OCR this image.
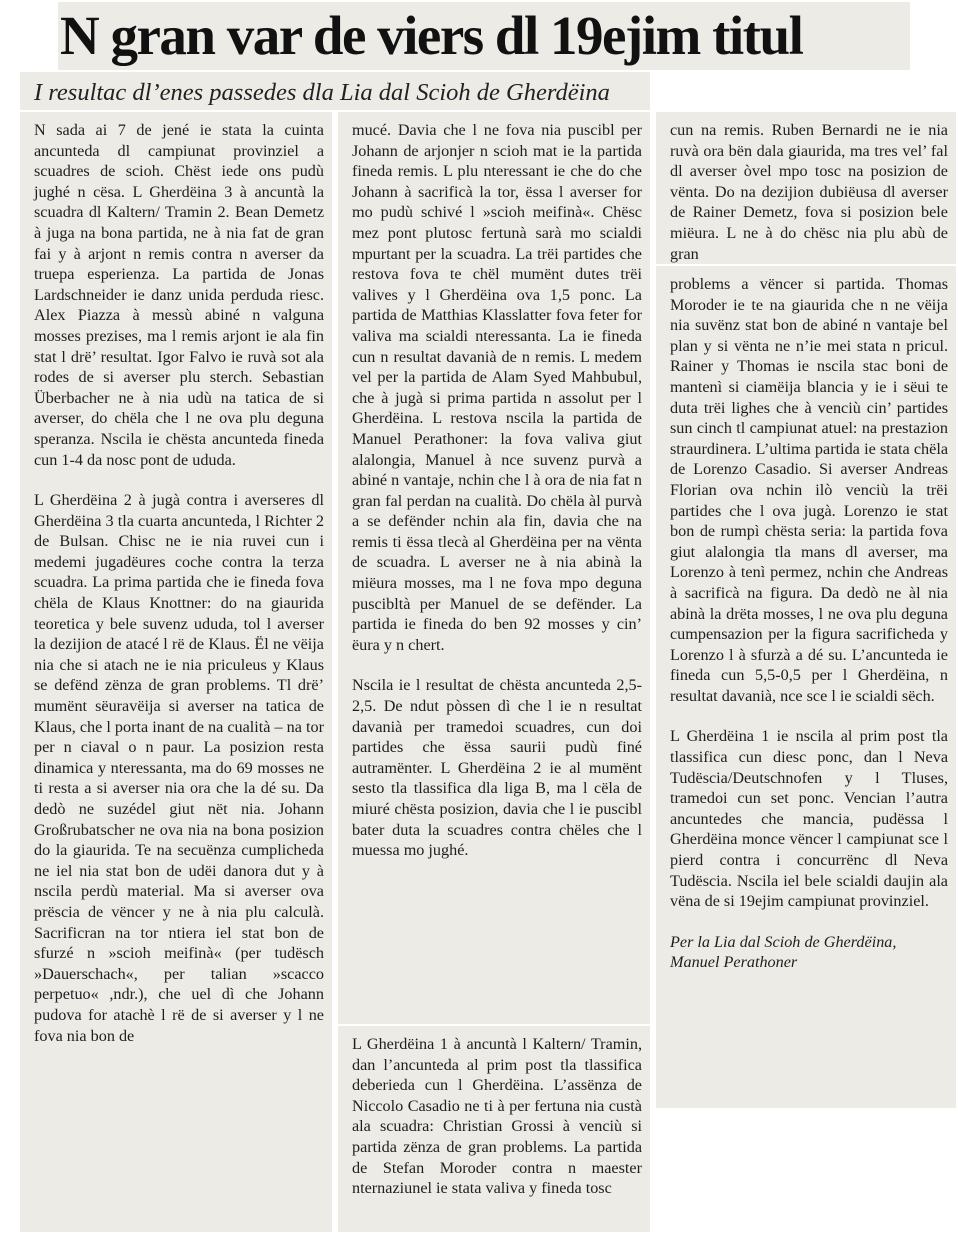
N gran var de viers dl 19ejim titul
I resultac dl’enes passedes dla Lia dal Scioh de Gherdëina

N sada ai 7 de jené ie stata la cuinta ancunteda dl campiunat provinziel a scuadres de scioh. Chëst iede ons pudù jughé n cësa. L Gherdëina 3 à ancuntà la scuadra dl Kaltern/ Tramin 2. Bean Demetz à juga na bona partida, ne à nia fat de gran fai y à arjont n remis contra n averser da truepa esperienza. La partida de Jonas Lardschneider ie danz unida perduda riesc. Alex Piazza à messù abiné n valguna mosses prezises, ma l remis arjont ie ala fin stat l drë’ resultat. Igor Falvo ie ruvà sot ala rodes de si averser plu sterch. Sebastian Überbacher ne à nia udù na tatica de si averser, do chëla che l ne ova plu deguna speranza. Nscila ie chësta ancunteda fineda cun 1-4 da nosc pont de ududa.

L Gherdëina 2 à jugà contra i averseres dl Gherdëina 3 tla cuarta ancunteda, l Richter 2 de Bulsan. Chisc ne ie nia ruvei cun i medemi jugadëures coche contra la terza scuadra. La prima partida che ie fineda fova chëla de Klaus Knottner: do na giaurida teoretica y bele suvenz ududa, tol l averser la dezijion de atacé l rë de Klaus. Ël ne vëija nia che si atach ne ie nia priculeus y Klaus se defënd zënza de gran problems. Tl drë’ mumënt sëuravëija si averser na tatica de Klaus, che l porta inant de na cualità – na tor per n ciaval o n paur. La posizion resta dinamica y nteressanta, ma do 69 mosses ne ti resta a si averser nia ora che la dé su. Da dedò ne suzédel giut nët nia. Johann Großrubatscher ne ova nia na bona posizion do la giaurida. Te na secuënza cumplicheda ne iel nia stat bon de udëi danora dut y à nscila perdù material. Ma si averser ova prëscia de vëncer y ne à nia plu calculà. Sacrificran na tor ntiera iel stat bon de sfurzé n »scioh meifinà« (per tudësch »Dauerschach«, per talian »scacco perpetuo« ,ndr.), che uel dì che Johann pudova for atachè l rë de si averser y l ne fova nia bon de

mucé. Davia che l ne fova nia puscibl per Johann de arjonjer n scioh mat ie la partida fineda remis. L plu nteressant ie che do che Johann à sacrificà la tor, ëssa l averser for mo pudù schivé l »scioh meifinà«. Chësc mez pont plutosc fertunà sarà mo scialdi mpurtant per la scuadra. La trëi partides che restova fova te chël mumënt dutes trëi valives y l Gherdëina ova 1,5 ponc. La partida de Matthias Klasslatter fova feter for valiva ma scialdi nteressanta. La ie fineda cun n resultat davanià de n remis. L medem vel per la partida de Alam Syed Mahbubul, che à jugà si prima partida n assolut per l Gherdëina. L restova nscila la partida de Manuel Perathoner: la fova valiva giut alalongia, Manuel à nce suvenz purvà a abiné n vantaje, nchin che l à ora de nia fat n gran fal perdan na cualità. Do chëla àl purvà a se defënder nchin ala fin, davia che na remis ti ëssa tlecà al Gherdëina per na vënta de scuadra. L averser ne à nia abinà la miëura mosses, ma l ne fova mpo deguna puscibltà per Manuel de se defënder. La partida ie fineda do ben 92 mosses y cin’ ëura y n chert.

Nscila ie l resultat de chësta ancunteda 2,5-2,5. De ndut pòssen dì che l ie n resultat davanià per tramedoi scuadres, cun doi partides che ëssa saurii pudù finé autramënter. L Gherdëina 2 ie al mumënt sesto tla tlassifica dla liga B, ma l cëla de miuré chësta posizion, davia che l ie puscibl bater duta la scuadres contra chëles che l muessa mo jughé.

L Gherdëina 1 à ancuntà l Kaltern/ Tramin, dan l’ancunteda al prim post tla tlassifica deberieda cun l Gherdëina. L’assënza de Niccolo Casadio ne ti à per fertuna nia custà ala scuadra: Christian Grossi à venciù si partida zënza de gran problems. La partida de Stefan Moroder contra n maester nternaziunel ie stata valiva y fineda tosc

cun na remis. Ruben Bernardi ne ie nia ruvà ora bën dala giaurida, ma tres vel’ fal dl averser òvel mpo tosc na posizion de vënta. Do na dezijion dubiëusa dl averser de Rainer Demetz, fova si posizion bele miëura. L ne à do chësc nia plu abù de gran

problems a vëncer si partida. Thomas Moroder ie te na giaurida che n ne vëija nia suvënz stat bon de abiné n vantaje bel plan y si vënta ne n’ie mei stata n pricul. Rainer y Thomas ie nscila stac boni de mantenì si ciamëija blancia y ie i sëui te duta trëi lighes che à venciù cin’ partides sun cinch tl campiunat atuel: na prestazion straurdinera. L’ultima partida ie stata chëla de Lorenzo Casadio. Si averser Andreas Florian ova nchin ilò venciù la trëi partides che l ova jugà. Lorenzo ie stat bon de rumpì chësta seria: la partida fova giut alalongia tla mans dl averser, ma Lorenzo à tenì permez, nchin che Andreas à sacrificà na figura. Da dedò ne àl nia abinà la drëta mosses, l ne ova plu deguna cumpensazion per la figura sacrificheda y Lorenzo l à sfurzà a dé su. L’ancunteda ie fineda cun 5,5-0,5 per l Gherdëina, n resultat davanià, nce sce l ie scialdi sëch.

L Gherdëina 1 ie nscila al prim post tla tlassifica cun diesc ponc, dan l Neva Tudëscia/Deutschnofen y l Tluses, tramedoi cun set ponc. Vencian l’autra ancuntedes che mancia, pudëssa l Gherdëina monce vëncer l campiunat sce l pierd contra i concurrënc dl Neva Tudëscia. Nscila iel bele scialdi daujin ala vëna de si 19ejim campiunat provinziel.

Per la Lia dal Scioh de Gherdëina, Manuel Perathoner
